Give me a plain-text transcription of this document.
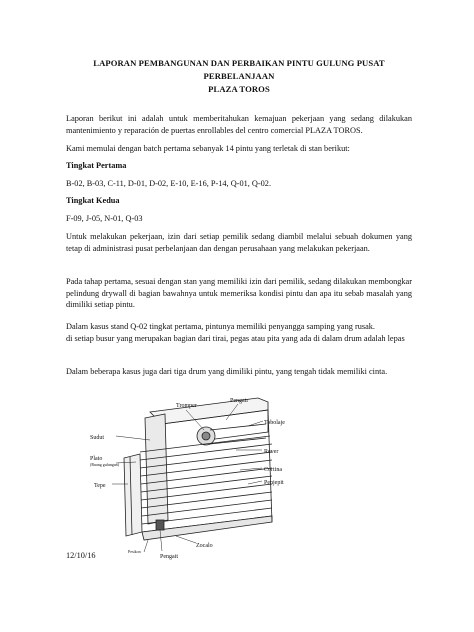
LAPORAN PEMBANGUNAN DAN PERBAIKAN PINTU GULUNG PUSAT PERBELANJAAN
PLAZA TOROS
Laporan berikut ini adalah untuk memberitahukan kemajuan pekerjaan yang sedang dilakukan mantenimiento y reparación de puertas enrollables del centro comercial PLAZA TOROS.
Kami memulai dengan batch pertama sebanyak 14 pintu yang terletak di stan berikut:
Tingkat Pertama
B-02, B-03, C-11, D-01, D-02, E-10, E-16, P-14, Q-01, Q-02.
Tingkat Kedua
F-09, J-05, N-01, Q-03
Untuk melakukan pekerjaan, izin dari setiap pemilik sedang diambil melalui sebuah dokumen yang tetap di administrasi pusat perbelanjaan dan dengan perusahaan yang melakukan pekerjaan.
Pada tahap pertama, sesuai dengan stan yang memiliki izin dari pemilik, sedang dilakukan membongkar pelindung drywall di bagian bawahnya untuk memeriksa kondisi pintu dan apa itu sebab masalah yang dimiliki setiap pintu.
Dalam kasus stand Q-02 tingkat pertama, pintunya memiliki penyangga samping yang rusak.
di setiap busur yang merupakan bagian dari tirai, pegas atau pita yang ada di dalam drum adalah lepas
Dalam beberapa kasus juga dari tiga drum yang dimiliki pintu, yang tengah tidak memiliki cinta.
Tromper
Pengatr
Tobolaje
Sudut
Plato
(Ruang gulungan)
Tepe
Rever
Cortina
Penjepit
Zocalo
Pengait
Pesikon
12/10/16
